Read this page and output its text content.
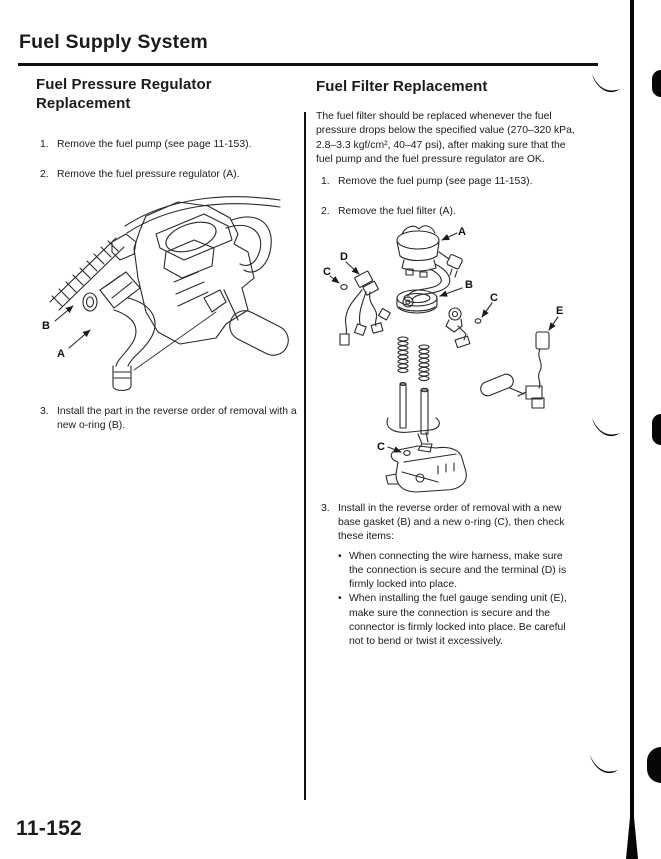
Fuel Supply System
Fuel Pressure Regulator Replacement
1. Remove the fuel pump (see page 11-153).
2. Remove the fuel pressure regulator (A).
B
A
3. Install the part in the reverse order of removal with a new o-ring (B).
Fuel Filter Replacement

The fuel filter should be replaced whenever the fuel pressure drops below the specified value (270–320 kPa, 2.8–3.3 kgf/cm², 40–47 psi), after making sure that the fuel pump and the fuel pressure regulator are OK.

1. Remove the fuel pump (see page 11-153).
2. Remove the fuel filter (A).
A
D
C
B
C
E
C
3. Install in the reverse order of removal with a new base gasket (B) and a new o-ring (C), then check these items:
• When connecting the wire harness, make sure the connection is secure and the terminal (D) is firmly locked into place.
• When installing the fuel gauge sending unit (E), make sure the connection is secure and the connector is firmly locked into place. Be careful not to bend or twist it excessively.

11-152
